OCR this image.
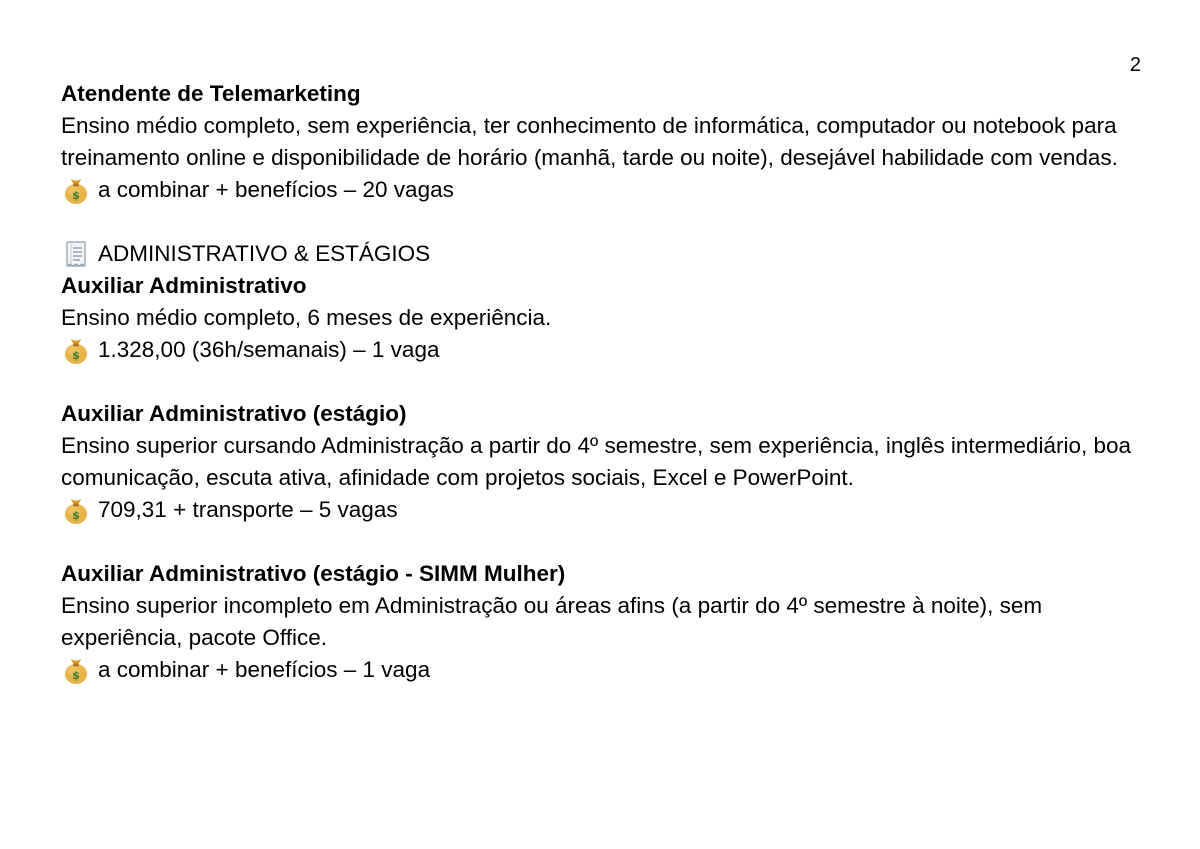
2
Atendente de Telemarketing
Ensino médio completo, sem experiência, ter conhecimento de informática, computador ou notebook para treinamento online e disponibilidade de horário (manhã, tarde ou noite), desejável habilidade com vendas.
$ a combinar + benefícios – 20 vagas
ADMINISTRATIVO & ESTÁGIOS
Auxiliar Administrativo
Ensino médio completo, 6 meses de experiência.
$ 1.328,00 (36h/semanais) – 1 vaga
Auxiliar Administrativo (estágio)
Ensino superior cursando Administração a partir do 4º semestre, sem experiência, inglês intermediário, boa comunicação, escuta ativa, afinidade com projetos sociais, Excel e PowerPoint.
$ 709,31 + transporte – 5 vagas
Auxiliar Administrativo (estágio - SIMM Mulher)
Ensino superior incompleto em Administração ou áreas afins (a partir do 4º semestre à noite), sem experiência, pacote Office.
$ a combinar + benefícios – 1 vaga
